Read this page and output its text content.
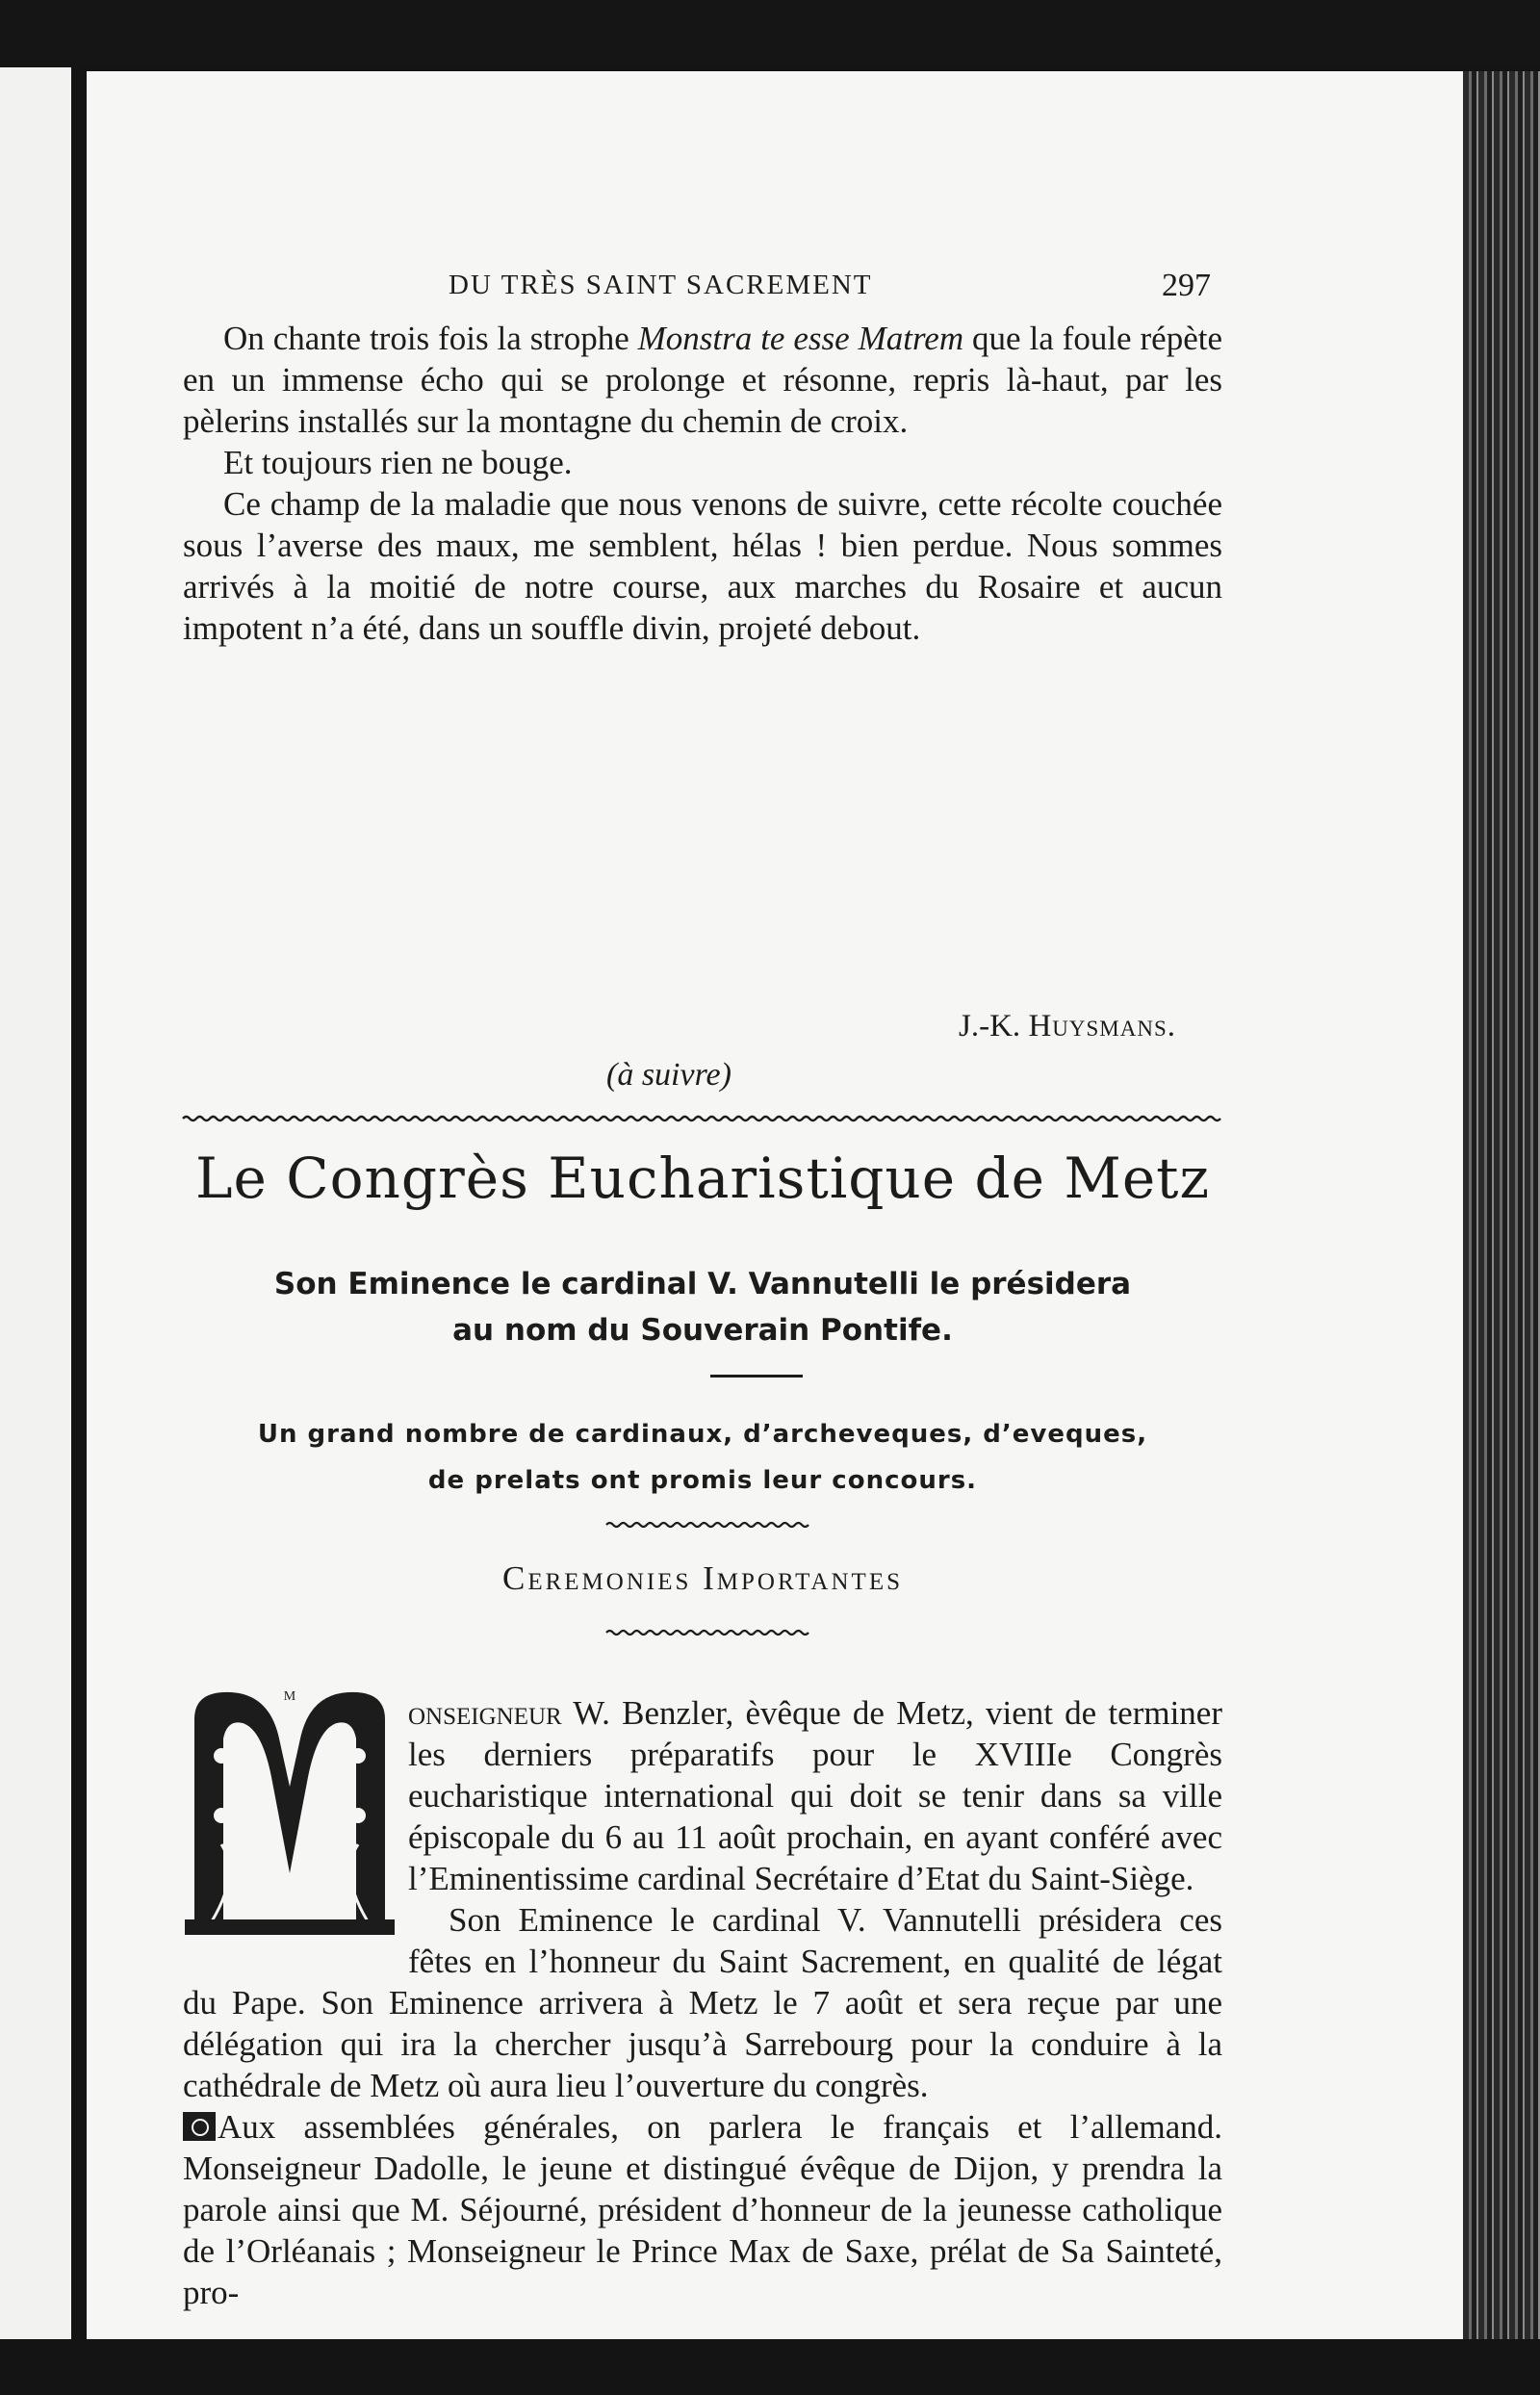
DU TRÈS SAINT SACREMENT	297

On chante trois fois la strophe Monstra te esse Matrem que la foule répète en un immense écho qui se prolonge et résonne, repris là-haut, par les pèlerins installés sur la montagne du chemin de croix.

Et toujours rien ne bouge.

Ce champ de la maladie que nous venons de suivre, cette récolte couchée sous l’averse des maux, me semblent, hélas ! bien perdue. Nous sommes arrivés à la moitié de notre course, aux marches du Rosaire et aucun impotent n’a été, dans un souffle divin, projeté debout.

J.-K. Huysmans.
(à suivre)
Le Congrès Eucharistique de Metz
Son Eminence le cardinal V. Vannutelli le présidera
au nom du Souverain Pontife.
Un grand nombre de cardinaux, d’archeveques, d’eveques,
de prelats ont promis leur concours.
Ceremonies Importantes

onseigneur W. Benzler, èvêque de Metz, vient de terminer les derniers préparatifs pour le XVIIIe Congrès eucharistique international qui doit se tenir dans sa ville épiscopale du 6 au 11 août prochain, en ayant conféré avec l’Eminentissime cardinal Secrétaire d’Etat du Saint-Siège.

Son Eminence le cardinal V. Vannutelli présidera ces fêtes en l’honneur du Saint Sacrement, en qualité de légat du Pape. Son Eminence arrivera à Metz le 7 août et sera reçue par une délégation qui ira la chercher jusqu’à Sarrebourg pour la conduire à la cathédrale de Metz où aura lieu l’ouverture du congrès.

Aux assemblées générales, on parlera le français et l’allemand. Monseigneur Dadolle, le jeune et distingué évêque de Dijon, y prendra la parole ainsi que M. Séjourné, président d’honneur de la jeunesse catholique de l’Orléanais ; Monseigneur le Prince Max de Saxe, prélat de Sa Sainteté, pro-

M
